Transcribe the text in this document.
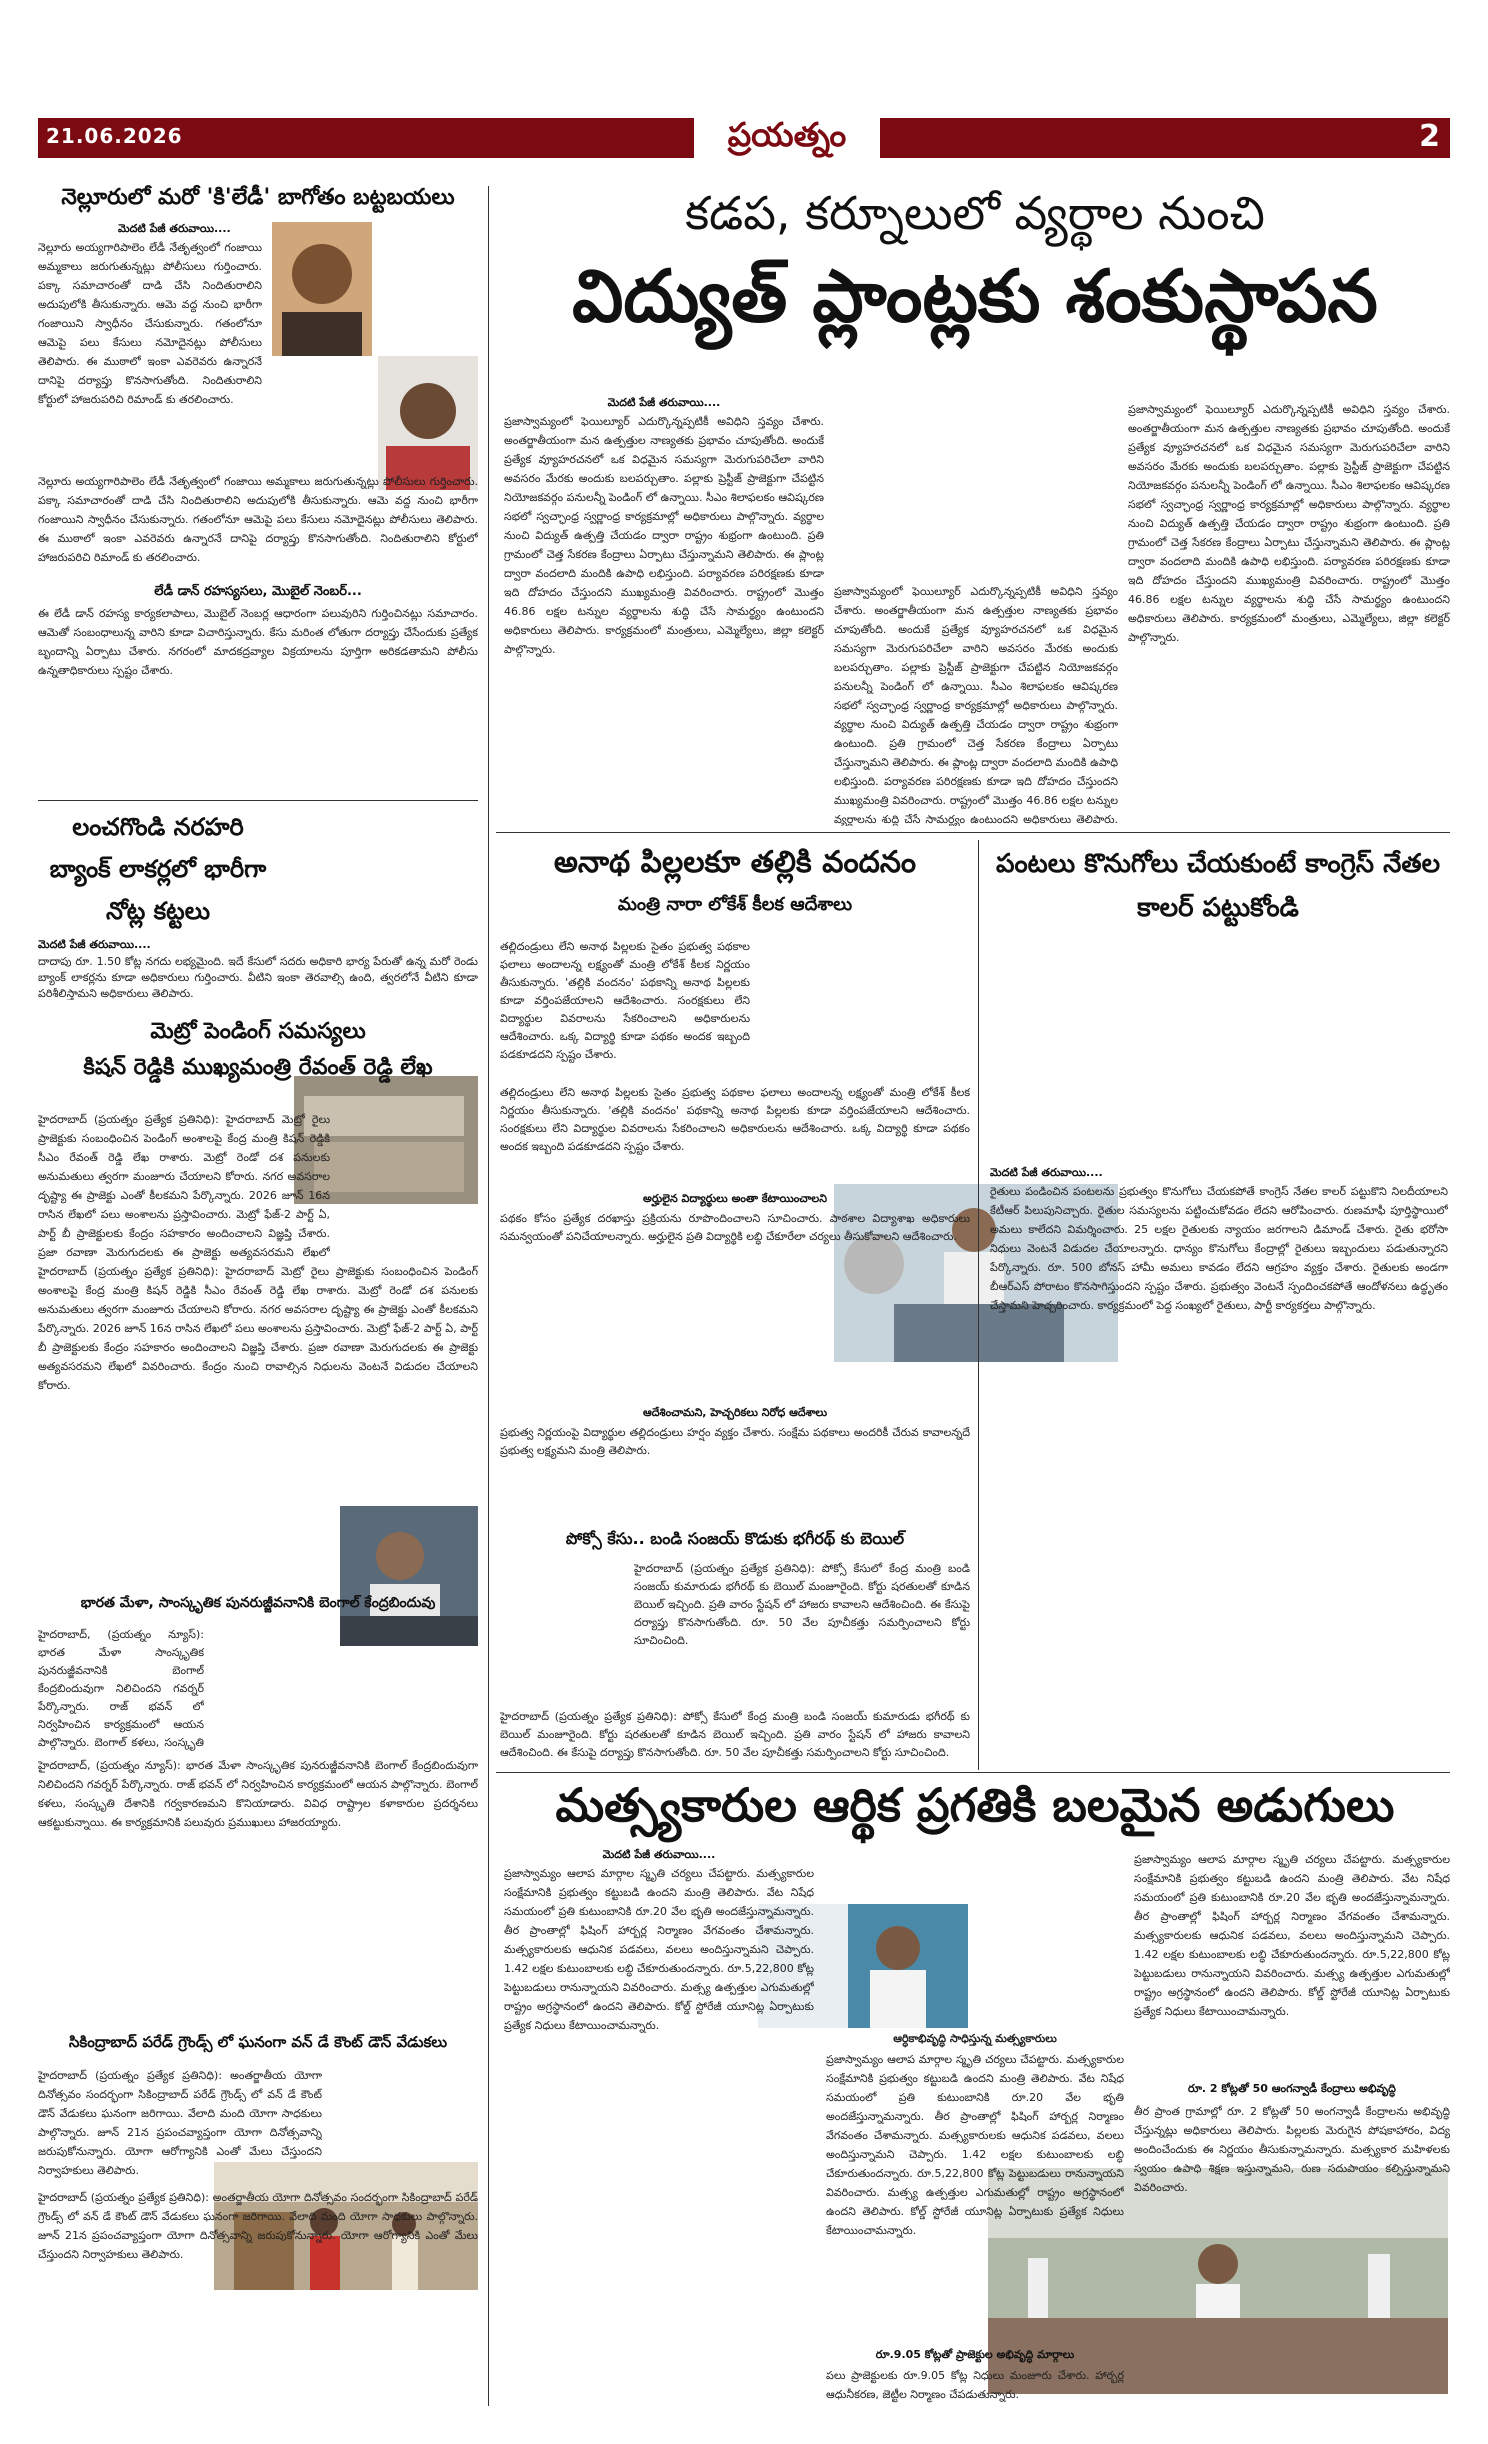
21.06.2026	ప్రయత్నం	2
నెల్లూరులో మరో 'కి'లేడీ' బాగోతం బట్టబయలు
మెదటి పేజీ తరువాయి....
నెల్లూరు అయ్యగారిపాలెం లేడీ నేతృత్వంలో గంజాయి అమ్మకాలు జరుగుతున్నట్లు పోలీసులు గుర్తించారు. పక్కా సమాచారంతో దాడి చేసి నిందితురాలిని అదుపులోకి తీసుకున్నారు. ఆమె వద్ద నుంచి భారీగా గంజాయిని స్వాధీనం చేసుకున్నారు. గతంలోనూ ఆమెపై పలు కేసులు నమోదైనట్లు పోలీసులు తెలిపారు. ఈ ముఠాలో ఇంకా ఎవరెవరు ఉన్నారనే దానిపై దర్యాప్తు కొనసాగుతోంది. నిందితురాలిని కోర్టులో హాజరుపరిచి రిమాండ్ కు తరలించారు.
నెల్లూరు అయ్యగారిపాలెం లేడీ నేతృత్వంలో గంజాయి అమ్మకాలు జరుగుతున్నట్లు పోలీసులు గుర్తించారు. పక్కా సమాచారంతో దాడి చేసి నిందితురాలిని అదుపులోకి తీసుకున్నారు. ఆమె వద్ద నుంచి భారీగా గంజాయిని స్వాధీనం చేసుకున్నారు. గతంలోనూ ఆమెపై పలు కేసులు నమోదైనట్లు పోలీసులు తెలిపారు. ఈ ముఠాలో ఇంకా ఎవరెవరు ఉన్నారనే దానిపై దర్యాప్తు కొనసాగుతోంది. నిందితురాలిని కోర్టులో హాజరుపరిచి రిమాండ్ కు తరలించారు.
లేడీ డాన్ రహస్యసలు, మొబైల్ నెంబర్...
ఈ లేడీ డాన్ రహస్య కార్యకలాపాలు, మొబైల్ నెంబర్ల ఆధారంగా పలువురిని గుర్తించినట్లు సమాచారం. ఆమెతో సంబంధాలున్న వారిని కూడా విచారిస్తున్నారు. కేసు మరింత లోతుగా దర్యాప్తు చేసేందుకు ప్రత్యేక బృందాన్ని ఏర్పాటు చేశారు. నగరంలో మాదకద్రవ్యాల విక్రయాలను పూర్తిగా అరికడతామని పోలీసు ఉన్నతాధికారులు స్పష్టం చేశారు.
లంచగొండి నరహరి బ్యాంక్ లాకర్లలో భారీగా నోట్ల కట్టలు
మెదటి పేజీ తరువాయి....
దాదాపు రూ. 1.50 కోట్ల నగదు లభ్యమైంది. ఇదే కేసులో సదరు అధికారి భార్య పేరుతో ఉన్న మరో రెండు బ్యాంక్ లాకర్లను కూడా అధికారులు గుర్తించారు. వీటిని ఇంకా తెరవాల్సి ఉంది, త్వరలోనే వీటిని కూడా పరిశీలిస్తామని అధికారులు తెలిపారు.
మెట్రో పెండింగ్ సమస్యలు
కిషన్ రెడ్డికి ముఖ్యమంత్రి రేవంత్ రెడ్డి లేఖ
హైదరాబాద్ (ప్రయత్నం ప్రత్యేక ప్రతినిధి): హైదరాబాద్ మెట్రో రైలు ప్రాజెక్టుకు సంబంధించిన పెండింగ్ అంశాలపై కేంద్ర మంత్రి కిషన్ రెడ్డికి సీఎం రేవంత్ రెడ్డి లేఖ రాశారు. మెట్రో రెండో దశ పనులకు అనుమతులు త్వరగా మంజూరు చేయాలని కోరారు. నగర అవసరాల దృష్ట్యా ఈ ప్రాజెక్టు ఎంతో కీలకమని పేర్కొన్నారు. 2026 జూన్ 16న రాసిన లేఖలో పలు అంశాలను ప్రస్తావించారు. మెట్రో ఫేజ్-2 పార్ట్ ఏ, పార్ట్ బీ ప్రాజెక్టులకు కేంద్రం సహకారం అందించాలని విజ్ఞప్తి చేశారు. ప్రజా రవాణా మెరుగుదలకు ఈ ప్రాజెక్టు అత్యవసరమని లేఖలో
హైదరాబాద్ (ప్రయత్నం ప్రత్యేక ప్రతినిధి): హైదరాబాద్ మెట్రో రైలు ప్రాజెక్టుకు సంబంధించిన పెండింగ్ అంశాలపై కేంద్ర మంత్రి కిషన్ రెడ్డికి సీఎం రేవంత్ రెడ్డి లేఖ రాశారు. మెట్రో రెండో దశ పనులకు అనుమతులు త్వరగా మంజూరు చేయాలని కోరారు. నగర అవసరాల దృష్ట్యా ఈ ప్రాజెక్టు ఎంతో కీలకమని పేర్కొన్నారు. 2026 జూన్ 16న రాసిన లేఖలో పలు అంశాలను ప్రస్తావించారు. మెట్రో ఫేజ్-2 పార్ట్ ఏ, పార్ట్ బీ ప్రాజెక్టులకు కేంద్రం సహకారం అందించాలని విజ్ఞప్తి చేశారు. ప్రజా రవాణా మెరుగుదలకు ఈ ప్రాజెక్టు అత్యవసరమని లేఖలో వివరించారు. కేంద్రం నుంచి రావాల్సిన నిధులను వెంటనే విడుదల చేయాలని కోరారు.
భారత మేళా, సాంస్కృతిక పునరుజ్జీవనానికి బెంగాల్ కేంద్రబిందువు
హైదరాబాద్, (ప్రయత్నం న్యూస్): భారత మేళా సాంస్కృతిక పునరుజ్జీవనానికి బెంగాల్ కేంద్రబిందువుగా నిలిచిందని గవర్నర్ పేర్కొన్నారు. రాజ్ భవన్ లో నిర్వహించిన కార్యక్రమంలో ఆయన పాల్గొన్నారు. బెంగాల్ కళలు, సంస్కృతి
హైదరాబాద్, (ప్రయత్నం న్యూస్): భారత మేళా సాంస్కృతిక పునరుజ్జీవనానికి బెంగాల్ కేంద్రబిందువుగా నిలిచిందని గవర్నర్ పేర్కొన్నారు. రాజ్ భవన్ లో నిర్వహించిన కార్యక్రమంలో ఆయన పాల్గొన్నారు. బెంగాల్ కళలు, సంస్కృతి దేశానికి గర్వకారణమని కొనియాడారు. వివిధ రాష్ట్రాల కళాకారుల ప్రదర్శనలు ఆకట్టుకున్నాయి. ఈ కార్యక్రమానికి పలువురు ప్రముఖులు హాజరయ్యారు.
సికింద్రాబాద్ పరేడ్ గ్రౌండ్స్ లో ఘనంగా వన్ డే కౌంట్ డౌన్ వేడుకలు
హైదరాబాద్ (ప్రయత్నం ప్రత్యేక ప్రతినిధి): అంతర్జాతీయ యోగా దినోత్సవం సందర్భంగా సికింద్రాబాద్ పరేడ్ గ్రౌండ్స్ లో వన్ డే కౌంట్ డౌన్ వేడుకలు ఘనంగా జరిగాయి. వేలాది మంది యోగా సాధకులు పాల్గొన్నారు. జూన్ 21న ప్రపంచవ్యాప్తంగా యోగా దినోత్సవాన్ని జరుపుకోనున్నారు. యోగా ఆరోగ్యానికి ఎంతో మేలు చేస్తుందని నిర్వాహకులు తెలిపారు.
హైదరాబాద్ (ప్రయత్నం ప్రత్యేక ప్రతినిధి): అంతర్జాతీయ యోగా దినోత్సవం సందర్భంగా సికింద్రాబాద్ పరేడ్ గ్రౌండ్స్ లో వన్ డే కౌంట్ డౌన్ వేడుకలు ఘనంగా జరిగాయి. వేలాది మంది యోగా సాధకులు పాల్గొన్నారు. జూన్ 21న ప్రపంచవ్యాప్తంగా యోగా దినోత్సవాన్ని జరుపుకోనున్నారు. యోగా ఆరోగ్యానికి ఎంతో మేలు చేస్తుందని నిర్వాహకులు తెలిపారు.
కడప, కర్నూలులో వ్యర్థాల నుంచి
విద్యుత్ ప్లాంట్లకు శంకుస్థాపన
మెదటి పేజీ తరువాయి....
ప్రజాస్వామ్యంలో ఫెయిల్యూర్ ఎదుర్కొన్నప్పటికీ అవిధిని స్తవ్యం చేశారు. అంతర్జాతీయంగా మన ఉత్పత్తుల నాణ్యతకు ప్రభావం చూపుతోంది. అందుకే ప్రత్యేక వ్యూహరచనలో ఒక విధమైన సమస్యగా మెరుగుపరిచేలా వారిని అవసరం మేరకు అందుకు బలపర్చుతాం. పల్లాకు ప్రెస్టీజ్ ప్రాజెక్టుగా చేపట్టిన నియోజకవర్గం పనులన్నీ పెండింగ్ లో ఉన్నాయి. సీఎం శిలాఫలకం ఆవిష్కరణ సభలో స్వచ్ఛాంధ్ర స్వర్ణాంధ్ర కార్యక్రమాల్లో అధికారులు పాల్గొన్నారు. వ్యర్థాల నుంచి విద్యుత్ ఉత్పత్తి చేయడం ద్వారా రాష్ట్రం శుభ్రంగా ఉంటుంది. ప్రతి గ్రామంలో చెత్త సేకరణ కేంద్రాలు ఏర్పాటు చేస్తున్నామని తెలిపారు. ఈ ప్లాంట్ల ద్వారా వందలాది మందికి ఉపాధి లభిస్తుంది. పర్యావరణ పరిరక్షణకు కూడా ఇది దోహదం చేస్తుందని ముఖ్యమంత్రి వివరించారు. రాష్ట్రంలో మొత్తం 46.86 లక్షల టన్నుల వ్యర్థాలను శుద్ధి చేసే సామర్థ్యం ఉంటుందని అధికారులు తెలిపారు. కార్యక్రమంలో మంత్రులు, ఎమ్మెల్యేలు, జిల్లా కలెక్టర్ పాల్గొన్నారు.
ప్రజాస్వామ్యంలో ఫెయిల్యూర్ ఎదుర్కొన్నప్పటికీ అవిధిని స్తవ్యం చేశారు. అంతర్జాతీయంగా మన ఉత్పత్తుల నాణ్యతకు ప్రభావం చూపుతోంది. అందుకే ప్రత్యేక వ్యూహరచనలో ఒక విధమైన సమస్యగా మెరుగుపరిచేలా వారిని అవసరం మేరకు అందుకు బలపర్చుతాం. పల్లాకు ప్రెస్టీజ్ ప్రాజెక్టుగా చేపట్టిన నియోజకవర్గం పనులన్నీ పెండింగ్ లో ఉన్నాయి. సీఎం శిలాఫలకం ఆవిష్కరణ సభలో స్వచ్ఛాంధ్ర స్వర్ణాంధ్ర కార్యక్రమాల్లో అధికారులు పాల్గొన్నారు. వ్యర్థాల నుంచి విద్యుత్ ఉత్పత్తి చేయడం ద్వారా రాష్ట్రం శుభ్రంగా ఉంటుంది. ప్రతి గ్రామంలో చెత్త సేకరణ కేంద్రాలు ఏర్పాటు చేస్తున్నామని తెలిపారు. ఈ ప్లాంట్ల ద్వారా వందలాది మందికి ఉపాధి లభిస్తుంది. పర్యావరణ పరిరక్షణకు కూడా ఇది దోహదం చేస్తుందని ముఖ్యమంత్రి వివరించారు. రాష్ట్రంలో మొత్తం 46.86 లక్షల టన్నుల వ్యర్థాలను శుద్ధి చేసే సామర్థ్యం ఉంటుందని అధికారులు తెలిపారు.
ప్రజాస్వామ్యంలో ఫెయిల్యూర్ ఎదుర్కొన్నప్పటికీ అవిధిని స్తవ్యం చేశారు. అంతర్జాతీయంగా మన ఉత్పత్తుల నాణ్యతకు ప్రభావం చూపుతోంది. అందుకే ప్రత్యేక వ్యూహరచనలో ఒక విధమైన సమస్యగా మెరుగుపరిచేలా వారిని అవసరం మేరకు అందుకు బలపర్చుతాం. పల్లాకు ప్రెస్టీజ్ ప్రాజెక్టుగా చేపట్టిన నియోజకవర్గం పనులన్నీ పెండింగ్ లో ఉన్నాయి. సీఎం శిలాఫలకం ఆవిష్కరణ సభలో స్వచ్ఛాంధ్ర స్వర్ణాంధ్ర కార్యక్రమాల్లో అధికారులు పాల్గొన్నారు. వ్యర్థాల నుంచి విద్యుత్ ఉత్పత్తి చేయడం ద్వారా రాష్ట్రం శుభ్రంగా ఉంటుంది. ప్రతి గ్రామంలో చెత్త సేకరణ కేంద్రాలు ఏర్పాటు చేస్తున్నామని తెలిపారు. ఈ ప్లాంట్ల ద్వారా వందలాది మందికి ఉపాధి లభిస్తుంది. పర్యావరణ పరిరక్షణకు కూడా ఇది దోహదం చేస్తుందని ముఖ్యమంత్రి వివరించారు. రాష్ట్రంలో మొత్తం 46.86 లక్షల టన్నుల వ్యర్థాలను శుద్ధి చేసే సామర్థ్యం ఉంటుందని అధికారులు తెలిపారు. కార్యక్రమంలో మంత్రులు, ఎమ్మెల్యేలు, జిల్లా కలెక్టర్ పాల్గొన్నారు.
అనాథ పిల్లలకూ తల్లికి వందనం
మంత్రి నారా లోకేశ్ కీలక ఆదేశాలు
తల్లిదండ్రులు లేని అనాథ పిల్లలకు సైతం ప్రభుత్వ పథకాల ఫలాలు అందాలన్న లక్ష్యంతో మంత్రి లోకేశ్ కీలక నిర్ణయం తీసుకున్నారు. 'తల్లికి వందనం' పథకాన్ని అనాథ పిల్లలకు కూడా వర్తింపజేయాలని ఆదేశించారు. సంరక్షకులు లేని విద్యార్థుల వివరాలను సేకరించాలని అధికారులను ఆదేశించారు. ఒక్క విద్యార్థి కూడా పథకం అందక ఇబ్బంది పడకూడదని స్పష్టం చేశారు.
తల్లిదండ్రులు లేని అనాథ పిల్లలకు సైతం ప్రభుత్వ పథకాల ఫలాలు అందాలన్న లక్ష్యంతో మంత్రి లోకేశ్ కీలక నిర్ణయం తీసుకున్నారు. 'తల్లికి వందనం' పథకాన్ని అనాథ పిల్లలకు కూడా వర్తింపజేయాలని ఆదేశించారు. సంరక్షకులు లేని విద్యార్థుల వివరాలను సేకరించాలని అధికారులను ఆదేశించారు. ఒక్క విద్యార్థి కూడా పథకం అందక ఇబ్బంది పడకూడదని స్పష్టం చేశారు.
అర్హులైన విద్యార్థులు అంతా కేటాయించాలని
పథకం కోసం ప్రత్యేక దరఖాస్తు ప్రక్రియను రూపొందించాలని సూచించారు. పాఠశాల విద్యాశాఖ అధికారులు సమన్వయంతో పనిచేయాలన్నారు. అర్హులైన ప్రతి విద్యార్థికి లబ్ధి చేకూరేలా చర్యలు తీసుకోవాలని ఆదేశించారు.
ఆదేశించామని, హెచ్చరికలు నిరోధ ఆదేశాలు
ప్రభుత్వ నిర్ణయంపై విద్యార్థుల తల్లిదండ్రులు హర్షం వ్యక్తం చేశారు. సంక్షేమ పథకాలు అందరికీ చేరువ కావాలన్నదే ప్రభుత్వ లక్ష్యమని మంత్రి తెలిపారు.
పోక్సో కేసు.. బండి సంజయ్ కొడుకు భగీరథ్ కు బెయిల్
హైదరాబాద్ (ప్రయత్నం ప్రత్యేక ప్రతినిధి): పోక్సో కేసులో కేంద్ర మంత్రి బండి సంజయ్ కుమారుడు భగీరథ్ కు బెయిల్ మంజూరైంది. కోర్టు షరతులతో కూడిన బెయిల్ ఇచ్చింది. ప్రతి వారం స్టేషన్ లో హాజరు కావాలని ఆదేశించింది. ఈ కేసుపై దర్యాప్తు కొనసాగుతోంది. రూ. 50 వేల పూచీకత్తు సమర్పించాలని కోర్టు సూచించింది.
హైదరాబాద్ (ప్రయత్నం ప్రత్యేక ప్రతినిధి): పోక్సో కేసులో కేంద్ర మంత్రి బండి సంజయ్ కుమారుడు భగీరథ్ కు బెయిల్ మంజూరైంది. కోర్టు షరతులతో కూడిన బెయిల్ ఇచ్చింది. ప్రతి వారం స్టేషన్ లో హాజరు కావాలని ఆదేశించింది. ఈ కేసుపై దర్యాప్తు కొనసాగుతోంది. రూ. 50 వేల పూచీకత్తు సమర్పించాలని కోర్టు సూచించింది.
పంటలు కొనుగోలు చేయకుంటే కాంగ్రెస్ నేతల కాలర్ పట్టుకోండి
మెదటి పేజీ తరువాయి....
రైతులు పండించిన పంటలను ప్రభుత్వం కొనుగోలు చేయకపోతే కాంగ్రెస్ నేతల కాలర్ పట్టుకొని నిలదీయాలని కేటీఆర్ పిలుపునిచ్చారు. రైతుల సమస్యలను పట్టించుకోవడం లేదని ఆరోపించారు. రుణమాఫీ పూర్తిస్థాయిలో అమలు కాలేదని విమర్శించారు. 25 లక్షల రైతులకు న్యాయం జరగాలని డిమాండ్ చేశారు. రైతు భరోసా నిధులు వెంటనే విడుదల చేయాలన్నారు. ధాన్యం కొనుగోలు కేంద్రాల్లో రైతులు ఇబ్బందులు పడుతున్నారని పేర్కొన్నారు. రూ. 500 బోనస్ హామీ అమలు కావడం లేదని ఆగ్రహం వ్యక్తం చేశారు. రైతులకు అండగా బీఆర్ఎస్ పోరాటం కొనసాగిస్తుందని స్పష్టం చేశారు. ప్రభుత్వం వెంటనే స్పందించకపోతే ఆందోళనలు ఉద్ధృతం చేస్తామని హెచ్చరించారు. కార్యక్రమంలో పెద్ద సంఖ్యలో రైతులు, పార్టీ కార్యకర్తలు పాల్గొన్నారు.
మత్స్యకారుల ఆర్థిక ప్రగతికి బలమైన అడుగులు
మెదటి పేజీ తరువాయి....
ప్రజాస్వామ్యం ఆలాప మార్గాల స్మృతి చర్యలు చేపట్టారు. మత్స్యకారుల సంక్షేమానికి ప్రభుత్వం కట్టుబడి ఉందని మంత్రి తెలిపారు. వేట నిషేధ సమయంలో ప్రతి కుటుంబానికి రూ.20 వేల భృతి అందజేస్తున్నామన్నారు. తీర ప్రాంతాల్లో ఫిషింగ్ హార్బర్ల నిర్మాణం వేగవంతం చేశామన్నారు. మత్స్యకారులకు ఆధునిక పడవలు, వలలు అందిస్తున్నామని చెప్పారు. 1.42 లక్షల కుటుంబాలకు లబ్ధి చేకూరుతుందన్నారు. రూ.5,22,800 కోట్ల పెట్టుబడులు రానున్నాయని వివరించారు. మత్స్య ఉత్పత్తుల ఎగుమతుల్లో రాష్ట్రం అగ్రస్థానంలో ఉందని తెలిపారు. కోల్డ్ స్టోరేజీ యూనిట్ల ఏర్పాటుకు ప్రత్యేక నిధులు కేటాయించామన్నారు.
ఆర్ధికాభివృద్ధి సాధిస్తున్న మత్స్యకారులు
ప్రజాస్వామ్యం ఆలాప మార్గాల స్మృతి చర్యలు చేపట్టారు. మత్స్యకారుల సంక్షేమానికి ప్రభుత్వం కట్టుబడి ఉందని మంత్రి తెలిపారు. వేట నిషేధ సమయంలో ప్రతి కుటుంబానికి రూ.20 వేల భృతి అందజేస్తున్నామన్నారు. తీర ప్రాంతాల్లో ఫిషింగ్ హార్బర్ల నిర్మాణం వేగవంతం చేశామన్నారు. మత్స్యకారులకు ఆధునిక పడవలు, వలలు అందిస్తున్నామని చెప్పారు. 1.42 లక్షల కుటుంబాలకు లబ్ధి చేకూరుతుందన్నారు. రూ.5,22,800 కోట్ల పెట్టుబడులు రానున్నాయని వివరించారు. మత్స్య ఉత్పత్తుల ఎగుమతుల్లో రాష్ట్రం అగ్రస్థానంలో ఉందని తెలిపారు. కోల్డ్ స్టోరేజీ యూనిట్ల ఏర్పాటుకు ప్రత్యేక నిధులు కేటాయించామన్నారు.
రూ.9.05 కోట్లతో ప్రాజెక్టుల అభివృద్ధి మార్గాలు
పలు ప్రాజెక్టులకు రూ.9.05 కోట్ల నిధులు మంజూరు చేశారు. హార్బర్ల ఆధునీకరణ, జెట్టీల నిర్మాణం చేపడుతున్నారు.
ప్రజాస్వామ్యం ఆలాప మార్గాల స్మృతి చర్యలు చేపట్టారు. మత్స్యకారుల సంక్షేమానికి ప్రభుత్వం కట్టుబడి ఉందని మంత్రి తెలిపారు. వేట నిషేధ సమయంలో ప్రతి కుటుంబానికి రూ.20 వేల భృతి అందజేస్తున్నామన్నారు. తీర ప్రాంతాల్లో ఫిషింగ్ హార్బర్ల నిర్మాణం వేగవంతం చేశామన్నారు. మత్స్యకారులకు ఆధునిక పడవలు, వలలు అందిస్తున్నామని చెప్పారు. 1.42 లక్షల కుటుంబాలకు లబ్ధి చేకూరుతుందన్నారు. రూ.5,22,800 కోట్ల పెట్టుబడులు రానున్నాయని వివరించారు. మత్స్య ఉత్పత్తుల ఎగుమతుల్లో రాష్ట్రం అగ్రస్థానంలో ఉందని తెలిపారు. కోల్డ్ స్టోరేజీ యూనిట్ల ఏర్పాటుకు ప్రత్యేక నిధులు కేటాయించామన్నారు.
రూ. 2 కోట్లతో 50 ఆంగన్వాడీ కేంద్రాలు అభివృద్ధి
తీర ప్రాంత గ్రామాల్లో రూ. 2 కోట్లతో 50 అంగన్వాడీ కేంద్రాలను అభివృద్ధి చేస్తున్నట్లు అధికారులు తెలిపారు. పిల్లలకు మెరుగైన పోషకాహారం, విద్య అందించేందుకు ఈ నిర్ణయం తీసుకున్నామన్నారు. మత్స్యకార మహిళలకు స్వయం ఉపాధి శిక్షణ ఇస్తున్నామని, రుణ సదుపాయం కల్పిస్తున్నామని వివరించారు.
